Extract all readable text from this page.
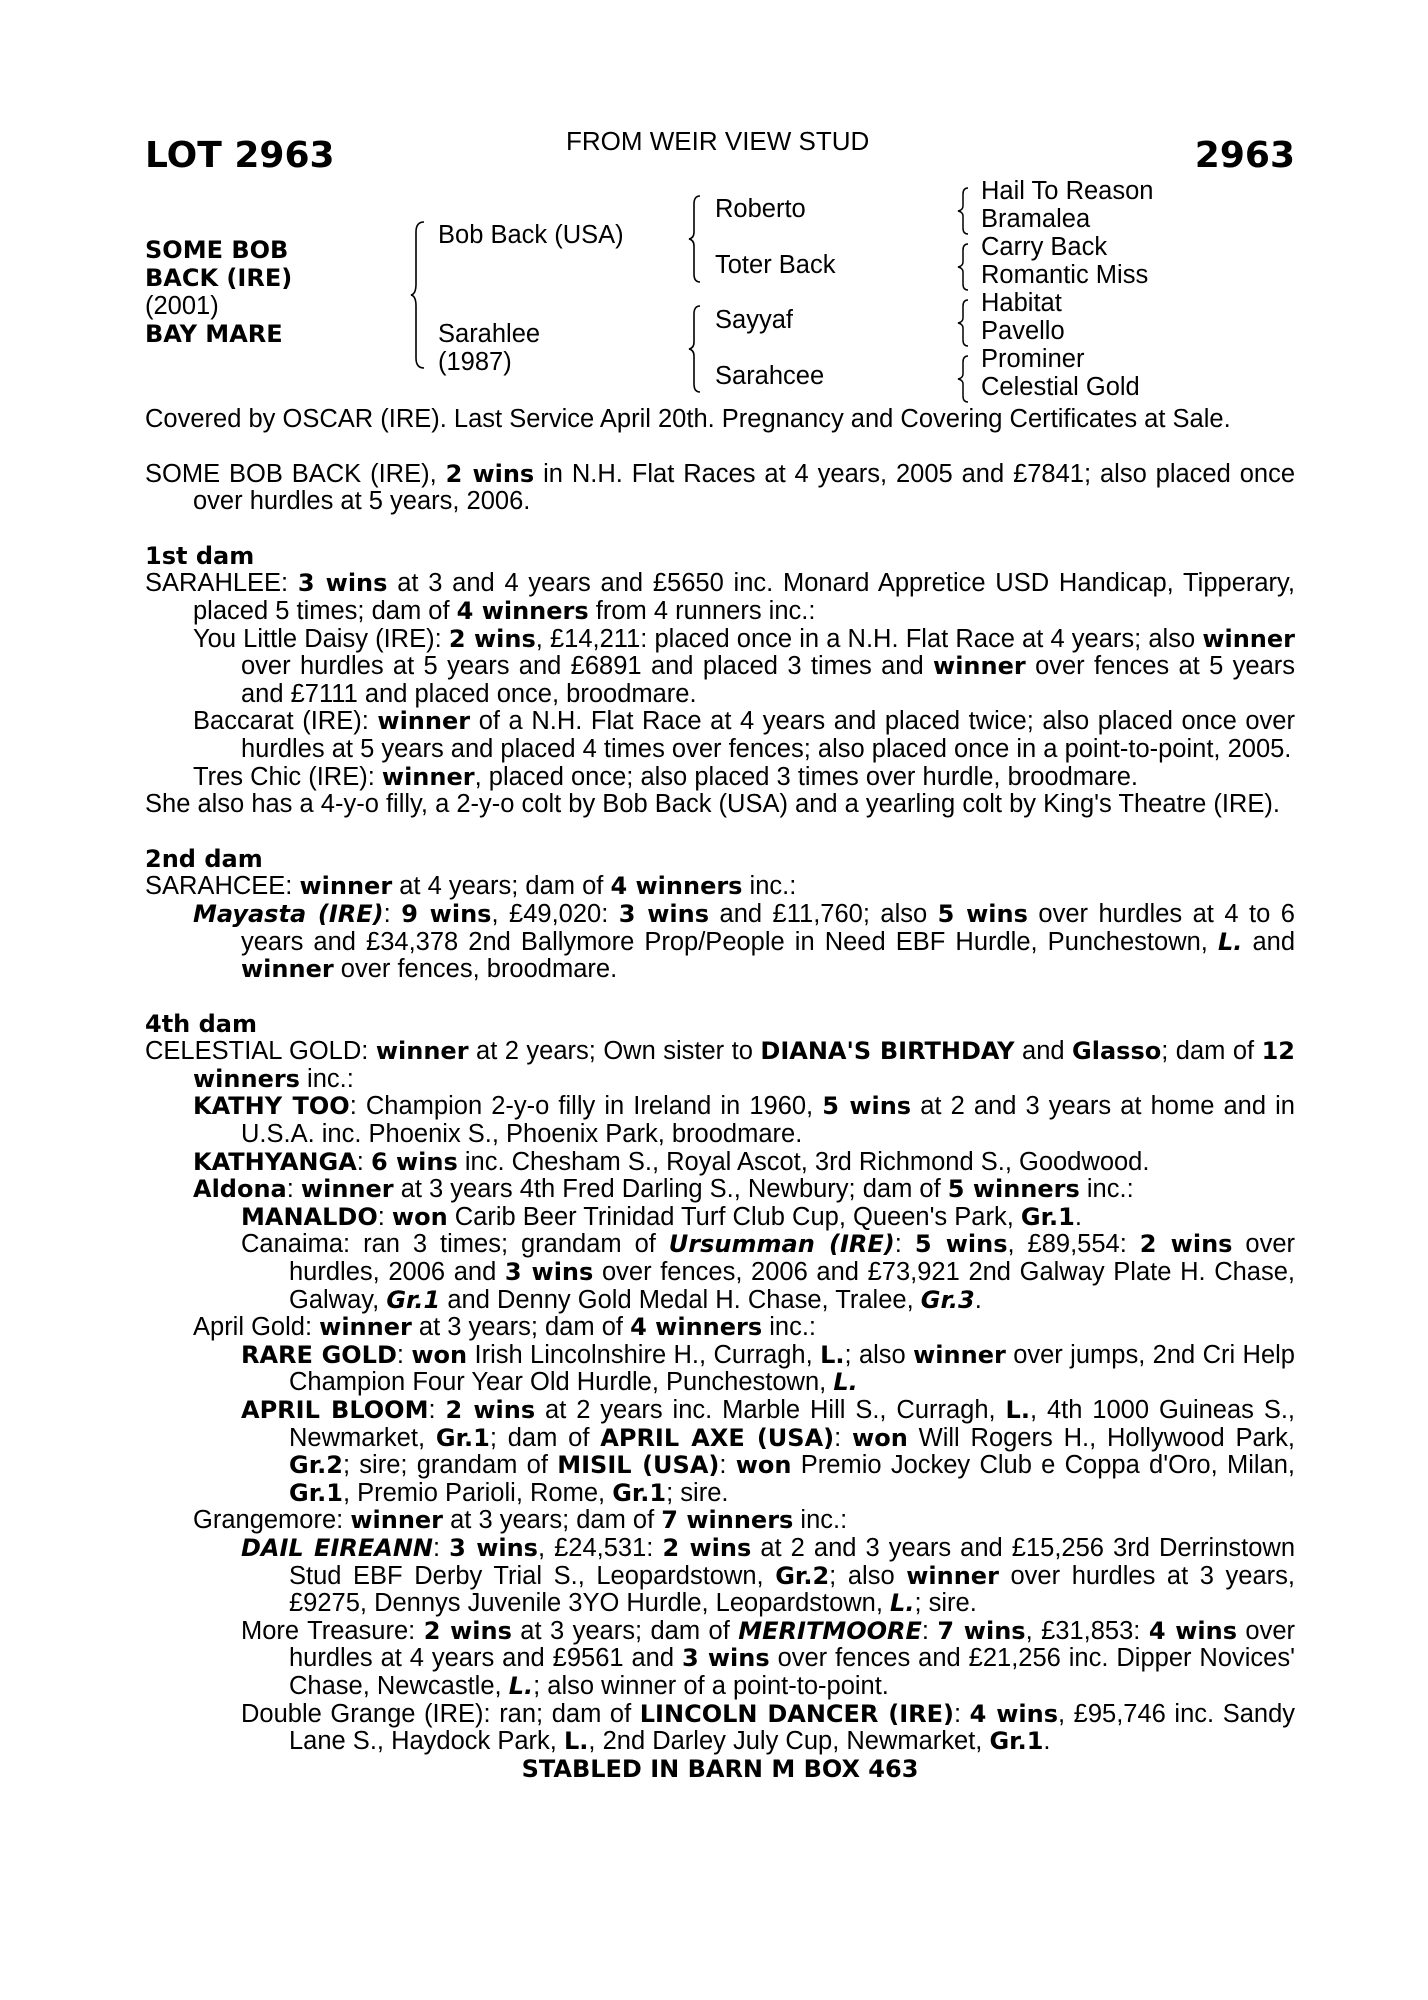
LOT 2963	FROM WEIR VIEW STUD	2963
SOME BOB
BACK (IRE)
(2001)
BAY MARE
Bob Back (USA)
Sarahlee
(1987)
Roberto
Toter Back
Sayyaf
Sarahcee
Hail To Reason
Bramalea
Carry Back
Romantic Miss
Habitat
Pavello
Prominer
Celestial Gold

Covered by OSCAR (IRE). Last Service April 20th. Pregnancy and Covering Certificates at Sale.

SOME BOB BACK (IRE), 2 wins in N.H. Flat Races at 4 years, 2005 and £7841; also placed once over hurdles at 5 years, 2006.

1st dam

SARAHLEE: 3 wins at 3 and 4 years and £5650 inc. Monard Appretice USD Handicap, Tipperary, placed 5 times; dam of 4 winners from 4 runners inc.:

You Little Daisy (IRE): 2 wins, £14,211: placed once in a N.H. Flat Race at 4 years; also winner over hurdles at 5 years and £6891 and placed 3 times and winner over fences at 5 years and £7111 and placed once, broodmare.

Baccarat (IRE): winner of a N.H. Flat Race at 4 years and placed twice; also placed once over hurdles at 5 years and placed 4 times over fences; also placed once in a point-to-point, 2005.

Tres Chic (IRE): winner, placed once; also placed 3 times over hurdle, broodmare.

She also has a 4-y-o filly, a 2-y-o colt by Bob Back (USA) and a yearling colt by King's Theatre (IRE).

2nd dam

SARAHCEE: winner at 4 years; dam of 4 winners inc.:

Mayasta (IRE): 9 wins, £49,020: 3 wins and £11,760; also 5 wins over hurdles at 4 to 6 years and £34,378 2nd Ballymore Prop/People in Need EBF Hurdle, Punchestown, L. and winner over fences, broodmare.

4th dam

CELESTIAL GOLD: winner at 2 years; Own sister to DIANA'S BIRTHDAY and Glasso; dam of 12 winners inc.:

KATHY TOO: Champion 2-y-o filly in Ireland in 1960, 5 wins at 2 and 3 years at home and in U.S.A. inc. Phoenix S., Phoenix Park, broodmare.

KATHYANGA: 6 wins inc. Chesham S., Royal Ascot, 3rd Richmond S., Goodwood.

Aldona: winner at 3 years 4th Fred Darling S., Newbury; dam of 5 winners inc.:

MANALDO: won Carib Beer Trinidad Turf Club Cup, Queen's Park, Gr.1.

Canaima: ran 3 times; grandam of Ursumman (IRE): 5 wins, £89,554: 2 wins over hurdles, 2006 and 3 wins over fences, 2006 and £73,921 2nd Galway Plate H. Chase, Galway, Gr.1 and Denny Gold Medal H. Chase, Tralee, Gr.3.

April Gold: winner at 3 years; dam of 4 winners inc.:

RARE GOLD: won Irish Lincolnshire H., Curragh, L.; also winner over jumps, 2nd Cri Help Champion Four Year Old Hurdle, Punchestown, L.

APRIL BLOOM: 2 wins at 2 years inc. Marble Hill S., Curragh, L., 4th 1000 Guineas S., Newmarket, Gr.1; dam of APRIL AXE (USA): won Will Rogers H., Hollywood Park, Gr.2; sire; grandam of MISIL (USA): won Premio Jockey Club e Coppa d'Oro, Milan, Gr.1, Premio Parioli, Rome, Gr.1; sire.

Grangemore: winner at 3 years; dam of 7 winners inc.:

DAIL EIREANN: 3 wins, £24,531: 2 wins at 2 and 3 years and £15,256 3rd Derrinstown Stud EBF Derby Trial S., Leopardstown, Gr.2; also winner over hurdles at 3 years, £9275, Dennys Juvenile 3YO Hurdle, Leopardstown, L.; sire.

More Treasure: 2 wins at 3 years; dam of MERITMOORE: 7 wins, £31,853: 4 wins over hurdles at 4 years and £9561 and 3 wins over fences and £21,256 inc. Dipper Novices' Chase, Newcastle, L.; also winner of a point-to-point.

Double Grange (IRE): ran; dam of LINCOLN DANCER (IRE): 4 wins, £95,746 inc. Sandy Lane S., Haydock Park, L., 2nd Darley July Cup, Newmarket, Gr.1.

STABLED IN BARN M BOX 463
